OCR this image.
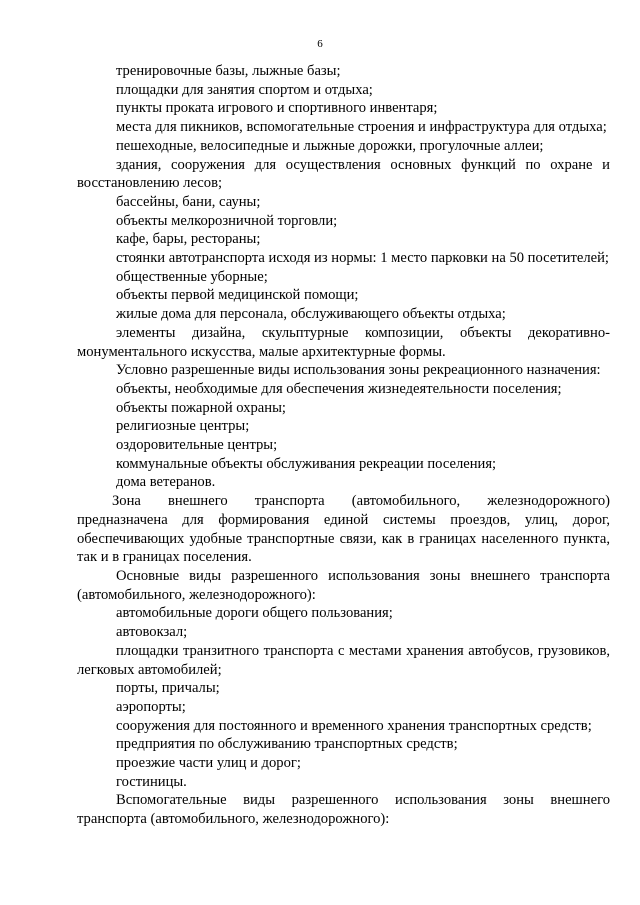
6

тренировочные базы, лыжные базы;

площадки для занятия спортом и отдыха;

пункты проката игрового и спортивного инвентаря;

места для пикников, вспомогательные строения и инфраструктура для отдыха;

пешеходные, велосипедные и лыжные дорожки, прогулочные аллеи;

здания, сооружения для осуществления основных функций по охране и восстановлению лесов;

бассейны, бани, сауны;

объекты мелкорозничной торговли;

кафе, бары, рестораны;

стоянки автотранспорта исходя из нормы: 1 место парковки на 50 посетителей;

общественные уборные;

объекты первой медицинской помощи;

жилые дома для персонала, обслуживающего объекты отдыха;

элементы дизайна, скульптурные композиции, объекты декоративно-монументального искусства, малые архитектурные формы.

Условно разрешенные виды использования зоны рекреационного назначения:

объекты, необходимые для обеспечения жизнедеятельности поселения;

объекты пожарной охраны;

религиозные центры;

оздоровительные центры;

коммунальные объекты обслуживания рекреации поселения;

дома ветеранов.

Зона внешнего транспорта (автомобильного, железнодорожного) предназначена для формирования единой системы проездов, улиц, дорог, обеспечивающих удобные транспортные связи, как в границах населенного пункта, так и в границах поселения.

Основные виды разрешенного использования зоны внешнего транспорта (автомобильного, железнодорожного):

автомобильные дороги общего пользования;

автовокзал;

площадки транзитного транспорта с местами хранения автобусов, грузовиков, легковых автомобилей;

порты, причалы;

аэропорты;

сооружения для постоянного и временного хранения транспортных средств;

предприятия по обслуживанию транспортных средств;

проезжие части улиц и дорог;

гостиницы.

Вспомогательные виды разрешенного использования зоны внешнего транспорта (автомобильного, железнодорожного):
